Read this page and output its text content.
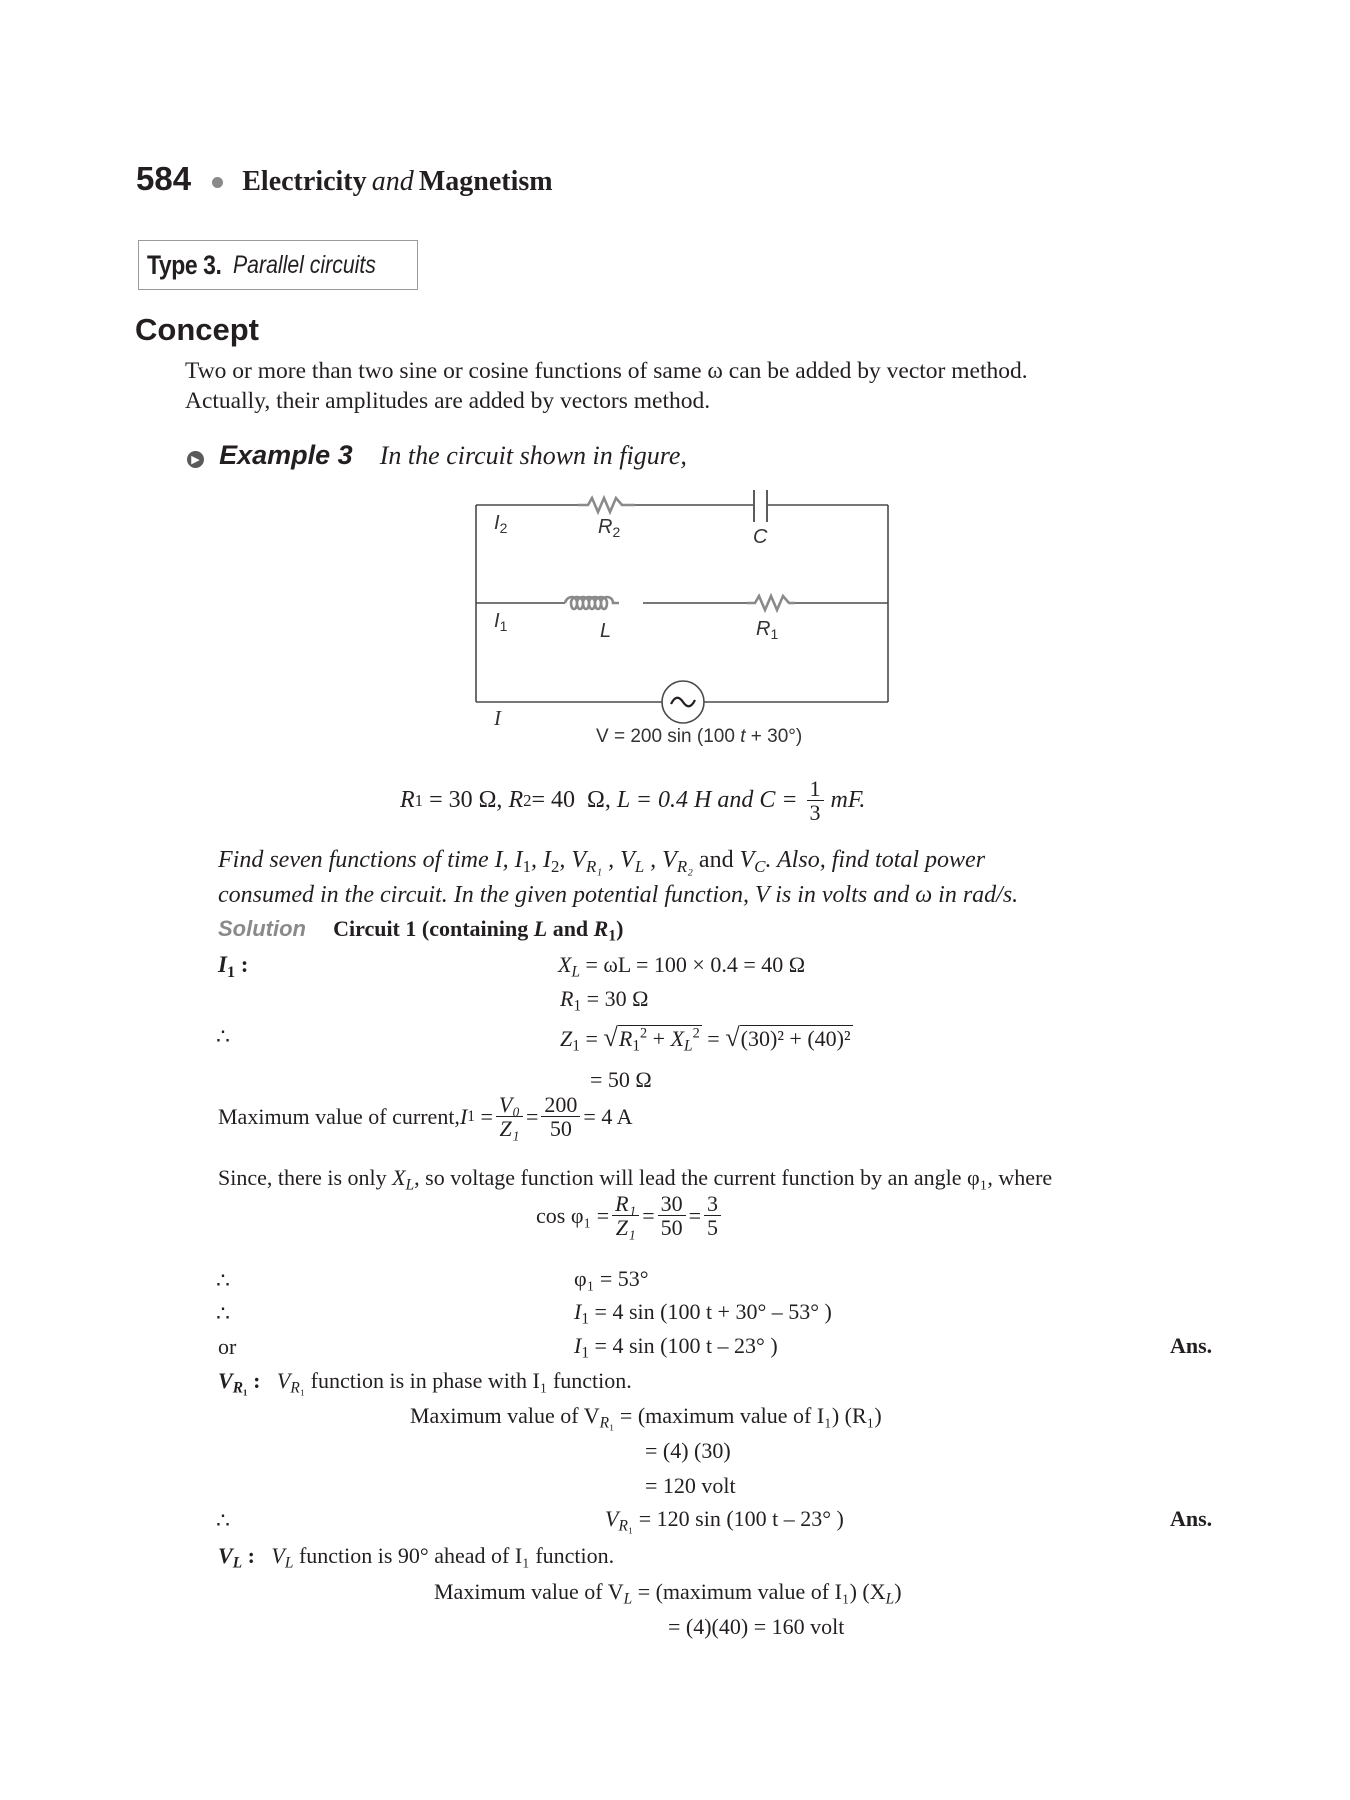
584 Electricity and Magnetism
Type 3. Parallel circuits
Concept
Two or more than two sine or cosine functions of same ω can be added by vector method.
Actually, their amplitudes are added by vectors method.
▶ Example 3 In the circuit shown in figure,
$I_2$	$R_2$	C
$I_1$	L	$R_1$
I
V = 200 sin (100 t + 30°)
R 1 = 30 Ω, R 2 = 40  Ω, L = 0.4 H and $C = \frac{1}{3}$ mF.
Find seven functions of time I, $I_1$, $I_2$, $V_{R_1}$ , $V_L$ , $V_{R_2}$ and $V_C$. Also, find total power
consumed in the circuit. In the given potential function, V is in volts and ω in rad/s.
Solution Circuit 1 (containing L and $R_1$)
$I_1$ :	$X_L = \omega L = 100 \times 0.4 = 40$ Ω
$R_1 = 30$ Ω
∴	$Z_1 = √R_1^2 + X_L^2 = √(30)^2 + (40)^2$
= 50 Ω
Maximum value of current, I $1 = \frac{\text{V₀}}{\text{Z₁}} = \frac{200}{50} = 4$ A
Since, there is only $X_L$, so voltage function will lead the current function by an angle φ₁, where
$\cos \varphi_1 = \frac{\text{R₁}}{\text{Z₁}} = \frac{30}{50} = \frac{3}{5}$
∴	φ₁ = 53°
∴	$I_1 = 4$ sin (100 t + 30° – 53° )
or	$I_1 = 4$ sin (100 t – 23° )	Ans.
$V_{R_1}$ : $V_{R_1}$ function is in phase with I₁ function.
Maximum value of $V_{R_1}$ = (maximum value of I₁) (R₁)
= (4) (30)
= 120 volt
∴	$V_{R_1} = 120$ sin (100 t – 23° )	Ans.
$V_L$ : $V_L$ function is 90° ahead of I₁ function.
Maximum value of $V_L$ = (maximum value of I₁) $(X_L)$
= (4)(40) = 160 volt
